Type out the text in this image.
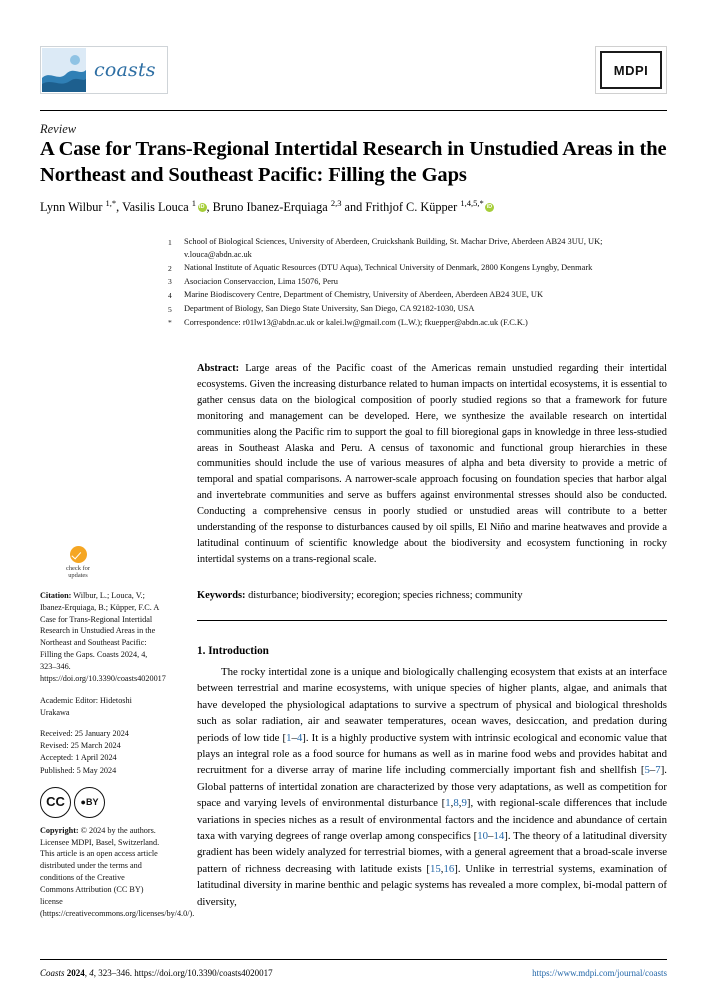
coasts	MDPI
Review
A Case for Trans-Regional Intertidal Research in Unstudied Areas in the Northeast and Southeast Pacific: Filling the Gaps
Lynn Wilbur $^{1,*}$, Vasilis Louca $^1$ iD , Bruno Ibanez-Erquiaga $^{2,3}$ and Frithjof C. Küpper $^{1,4,5,*}$iD
1	School of Biological Sciences, University of Aberdeen, Cruickshank Building, St. Machar Drive, Aberdeen AB24 3UU, UK; v.louca@abdn.ac.uk
2	National Institute of Aquatic Resources (DTU Aqua), Technical University of Denmark, 2800 Kongens Lyngby, Denmark
3	Asociacion Conservaccion, Lima 15076, Peru
4	Marine Biodiscovery Centre, Department of Chemistry, University of Aberdeen, Aberdeen AB24 3UE, UK
5	Department of Biology, San Diego State University, San Diego, CA 92182-1030, USA
*	Correspondence: r01lw13@abdn.ac.uk or kalei.lw@gmail.com (L.W.); fkuepper@abdn.ac.uk (F.C.K.)
Abstract: Large areas of the Pacific coast of the Americas remain unstudied regarding their intertidal ecosystems. Given the increasing disturbance related to human impacts on intertidal ecosystems, it is essential to gather census data on the biological composition of poorly studied regions so that a framework for future monitoring and management can be developed. Here, we synthesize the available research on intertidal communities along the Pacific rim to support the goal to fill bioregional gaps in knowledge in three less-studied areas in Southeast Alaska and Peru. A census of taxonomic and functional group hierarchies in these communities should include the use of various measures of alpha and beta diversity to provide a metric of temporal and spatial comparisons. A narrower-scale approach focusing on foundation species that harbor algal and invertebrate communities and serve as buffers against environmental stresses should also be conducted. Conducting a comprehensive census in poorly studied or unstudied areas will contribute to a better understanding of the response to disturbances caused by oil spills, El Niño and marine heatwaves and provide a latitudinal continuum of scientific knowledge about the biodiversity and ecosystem functioning in rocky intertidal systems on a trans-regional scale.
Keywords: disturbance; biodiversity; ecoregion; species richness; community
1. Introduction
The rocky intertidal zone is a unique and biologically challenging ecosystem that exists at an interface between terrestrial and marine ecosystems, with unique species of higher plants, algae, and animals that have developed the physiological adaptations to survive a spectrum of physical and biological thresholds such as solar radiation, air and seawater temperatures, ocean waves, desiccation, and predation during periods of low tide [1–4]. It is a highly productive system with intrinsic ecological and economic value that plays an integral role as a food source for humans as well as in marine food webs and provides habitat and recruitment for a diverse array of marine life including commercially important fish and shellfish [5–7]. Global patterns of intertidal zonation are characterized by those very adaptations, as well as competition for space and varying levels of environmental disturbance [1,8,9], with regional-scale differences that include variations in species niches as a result of environmental factors and the incidence and abundance of certain taxa with varying degrees of range overlap among conspecifics [10–14]. The theory of a latitudinal diversity gradient has been widely analyzed for terrestrial biomes, with a general agreement that a broad-scale inverse pattern of richness decreasing with latitude exists [15,16]. Unlike in terrestrial systems, examination of latitudinal diversity in marine benthic and pelagic systems has revealed a more complex, bi-modal pattern of diversity,
check for
updates
Citation: Wilbur, L.; Louca, V.; Ibanez-Erquiaga, B.; Küpper, F.C. A Case for Trans-Regional Intertidal Research in Unstudied Areas in the Northeast and Southeast Pacific: Filling the Gaps. Coasts 2024, 4, 323–346. https://doi.org/10.3390/coasts4020017
Academic Editor: Hidetoshi Urakawa
Received: 25 January 2024
Revised: 25 March 2024
Accepted: 1 April 2024
Published: 5 May 2024
CC	● BY
Copyright: © 2024 by the authors. Licensee MDPI, Basel, Switzerland. This article is an open access article distributed under the terms and conditions of the Creative Commons Attribution (CC BY) license (https://creativecommons.org/licenses/by/4.0/).
Coasts 2024, 4, 323–346. https://doi.org/10.3390/coasts4020017	https://www.mdpi.com/journal/coasts
